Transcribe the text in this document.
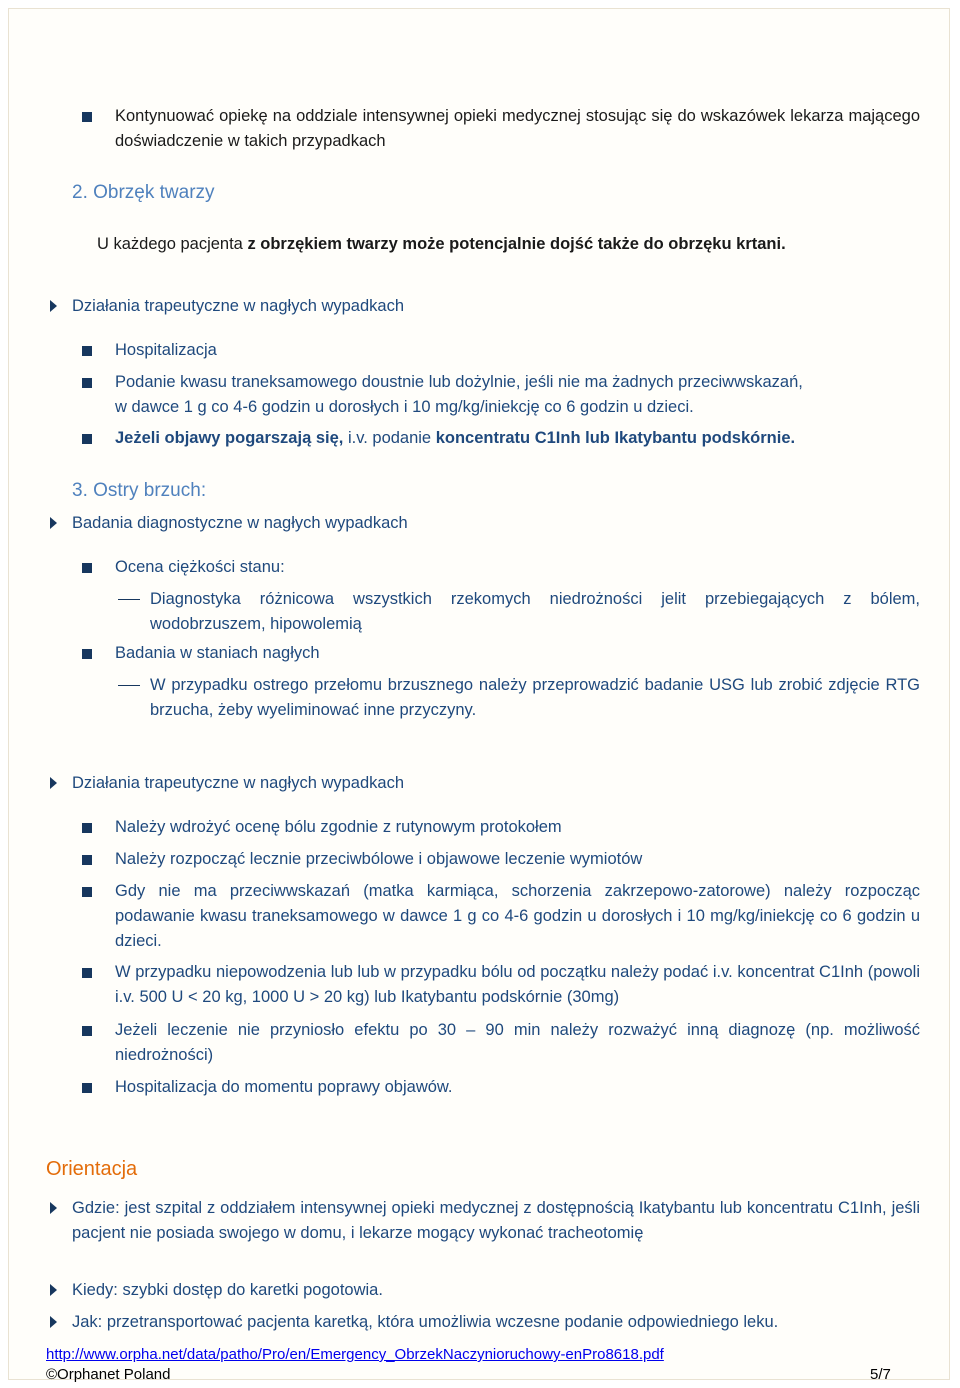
Kontynuować opiekę na oddziale intensywnej opieki medycznej stosując się do wskazówek lekarza mającego doświadczenie w takich przypadkach
2. Obrzęk twarzy
U każdego pacjenta z obrzękiem twarzy może potencjalnie dojść także do obrzęku krtani.
Działania trapeutyczne w nagłych wypadkach
Hospitalizacja
Podanie kwasu traneksamowego doustnie lub dożylnie, jeśli nie ma żadnych przeciwwskazań,
w dawce 1 g co 4-6 godzin u dorosłych i 10 mg/kg/iniekcję co 6 godzin u dzieci.
Jeżeli objawy pogarszają się, i.v. podanie koncentratu C1Inh lub Ikatybantu podskórnie.
3. Ostry brzuch:
Badania diagnostyczne w nagłych wypadkach
Ocena ciężkości stanu:
Diagnostyka różnicowa wszystkich rzekomych niedrożności jelit przebiegających z bólem, wodobrzuszem, hipowolemią
Badania w staniach nagłych
W przypadku ostrego przełomu brzusznego należy przeprowadzić badanie USG lub zrobić zdjęcie RTG brzucha, żeby wyeliminować inne przyczyny.
Działania trapeutyczne w nagłych wypadkach
Należy wdrożyć ocenę bólu zgodnie z rutynowym protokołem
Należy rozpocząć lecznie przeciwbólowe i objawowe leczenie wymiotów
Gdy nie ma przeciwwskazań (matka karmiąca, schorzenia zakrzepowo-zatorowe) należy rozpocząc podawanie kwasu traneksamowego w dawce 1 g co 4-6 godzin u dorosłych i 10 mg/kg/iniekcję co 6 godzin u dzieci.
W przypadku niepowodzenia lub lub w przypadku bólu od początku należy podać i.v. koncentrat C1Inh (powoli i.v. 500 U < 20 kg, 1000 U > 20 kg) lub Ikatybantu podskórnie (30mg)
Jeżeli leczenie nie przyniosło efektu po 30 – 90 min należy rozważyć inną diagnozę (np. możliwość niedrożności)
Hospitalizacja do momentu poprawy objawów.
Orientacja
Gdzie: jest szpital z oddziałem intensywnej opieki medycznej z dostępnością Ikatybantu lub koncentratu C1Inh, jeśli pacjent nie posiada swojego w domu, i lekarze mogący wykonać tracheotomię
Kiedy: szybki dostęp do karetki pogotowia.
Jak: przetransportować pacjenta karetką, która umożliwia wczesne podanie odpowiedniego leku.
http://www.orpha.net/data/patho/Pro/en/Emergency_ObrzekNaczynioruchowy-enPro8618.pdf
©Orphanet Poland	5/7
